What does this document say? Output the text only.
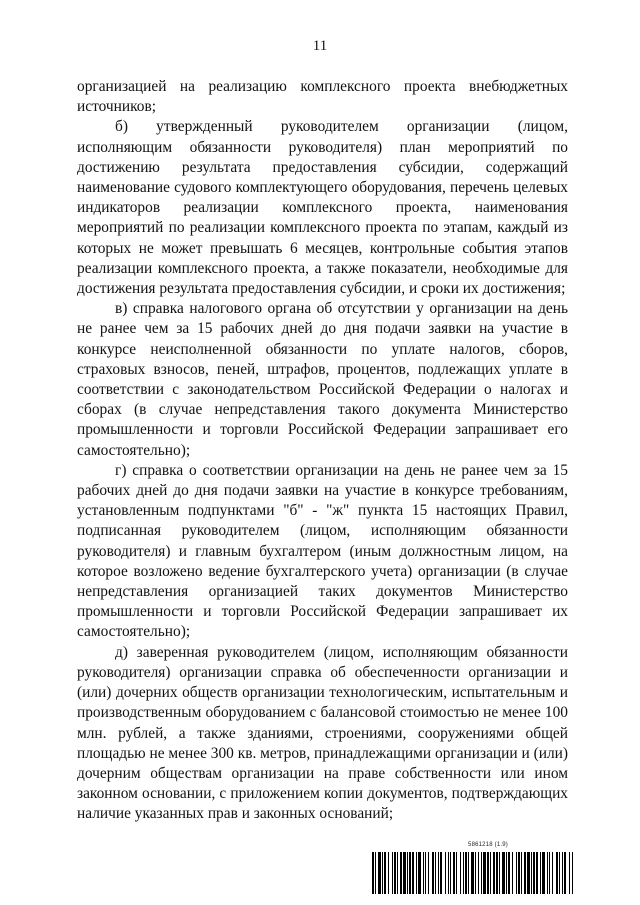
11

организацией на реализацию комплексного проекта внебюджетных источников;

б) утвержденный руководителем организации (лицом, исполняющим обязанности руководителя) план мероприятий по достижению результата предоставления субсидии, содержащий наименование судового комплектующего оборудования, перечень целевых индикаторов реализации комплексного проекта, наименования мероприятий по реализации комплексного проекта по этапам, каждый из которых не может превышать 6 месяцев, контрольные события этапов реализации комплексного проекта, а также показатели, необходимые для достижения результата предоставления субсидии, и сроки их достижения;

в) справка налогового органа об отсутствии у организации на день не ранее чем за 15 рабочих дней до дня подачи заявки на участие в конкурсе неисполненной обязанности по уплате налогов, сборов, страховых взносов, пеней, штрафов, процентов, подлежащих уплате в соответствии с законодательством Российской Федерации о налогах и сборах (в случае непредставления такого документа Министерство промышленности и торговли Российской Федерации запрашивает его самостоятельно);

г) справка о соответствии организации на день не ранее чем за 15 рабочих дней до дня подачи заявки на участие в конкурсе требованиям, установленным подпунктами "б" - "ж" пункта 15 настоящих Правил, подписанная руководителем (лицом, исполняющим обязанности руководителя) и главным бухгалтером (иным должностным лицом, на которое возложено ведение бухгалтерского учета) организации (в случае непредставления организацией таких документов Министерство промышленности и торговли Российской Федерации запрашивает их самостоятельно);

д) заверенная руководителем (лицом, исполняющим обязанности руководителя) организации справка об обеспеченности организации и (или) дочерних обществ организации технологическим, испытательным и производственным оборудованием с балансовой стоимостью не менее 100 млн. рублей, а также зданиями, строениями, сооружениями общей площадью не менее 300 кв. метров, принадлежащими организации и (или) дочерним обществам организации на праве собственности или ином законном основании, с приложением копии документов, подтверждающих наличие указанных прав и законных оснований;

5861218 (1.9)
